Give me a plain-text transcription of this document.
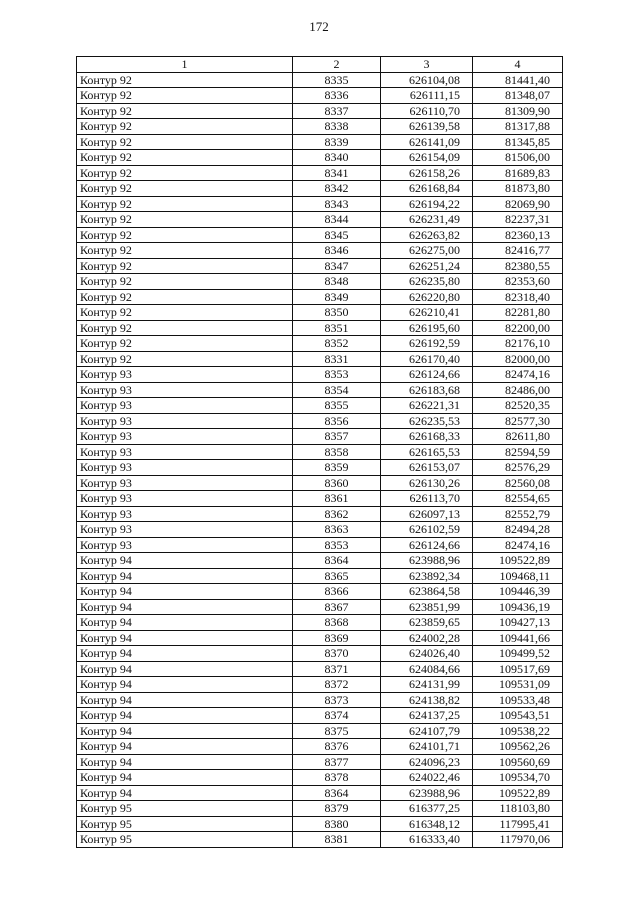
172
1	2	3	4
Контур 92	8335	626104,08	81441,40
Контур 92	8336	626111,15	81348,07
Контур 92	8337	626110,70	81309,90
Контур 92	8338	626139,58	81317,88
Контур 92	8339	626141,09	81345,85
Контур 92	8340	626154,09	81506,00
Контур 92	8341	626158,26	81689,83
Контур 92	8342	626168,84	81873,80
Контур 92	8343	626194,22	82069,90
Контур 92	8344	626231,49	82237,31
Контур 92	8345	626263,82	82360,13
Контур 92	8346	626275,00	82416,77
Контур 92	8347	626251,24	82380,55
Контур 92	8348	626235,80	82353,60
Контур 92	8349	626220,80	82318,40
Контур 92	8350	626210,41	82281,80
Контур 92	8351	626195,60	82200,00
Контур 92	8352	626192,59	82176,10
Контур 92	8331	626170,40	82000,00
Контур 93	8353	626124,66	82474,16
Контур 93	8354	626183,68	82486,00
Контур 93	8355	626221,31	82520,35
Контур 93	8356	626235,53	82577,30
Контур 93	8357	626168,33	82611,80
Контур 93	8358	626165,53	82594,59
Контур 93	8359	626153,07	82576,29
Контур 93	8360	626130,26	82560,08
Контур 93	8361	626113,70	82554,65
Контур 93	8362	626097,13	82552,79
Контур 93	8363	626102,59	82494,28
Контур 93	8353	626124,66	82474,16
Контур 94	8364	623988,96	109522,89
Контур 94	8365	623892,34	109468,11
Контур 94	8366	623864,58	109446,39
Контур 94	8367	623851,99	109436,19
Контур 94	8368	623859,65	109427,13
Контур 94	8369	624002,28	109441,66
Контур 94	8370	624026,40	109499,52
Контур 94	8371	624084,66	109517,69
Контур 94	8372	624131,99	109531,09
Контур 94	8373	624138,82	109533,48
Контур 94	8374	624137,25	109543,51
Контур 94	8375	624107,79	109538,22
Контур 94	8376	624101,71	109562,26
Контур 94	8377	624096,23	109560,69
Контур 94	8378	624022,46	109534,70
Контур 94	8364	623988,96	109522,89
Контур 95	8379	616377,25	118103,80
Контур 95	8380	616348,12	117995,41
Контур 95	8381	616333,40	117970,06
